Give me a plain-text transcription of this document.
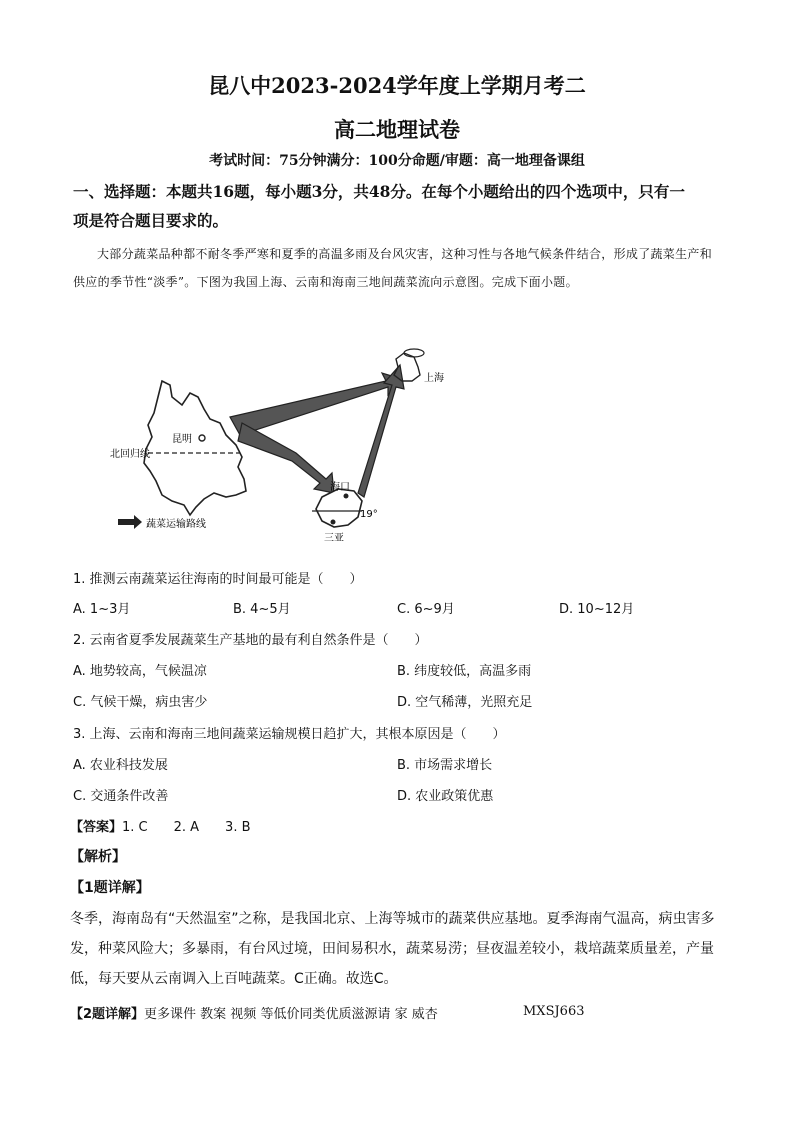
昆八中2023-2024学年度上学期月考二
高二地理试卷
考试时间：75分钟满分：100分命题/审题：高一地理备课组
一、选择题：本题共16题，每小题3分，共48分。在每个小题给出的四个选项中，只有一
项是符合题目要求的。
大部分蔬菜品种都不耐冬季严寒和夏季的高温多雨及台风灾害，这种习性与各地气候条件结合，形成了蔬菜生产和供应的季节性“淡季”。下图为我国上海、云南和海南三地间蔬菜流向示意图。完成下面小题。
昆明
北回归线
上海
海口
三亚
19°
蔬菜运输路线
1. 推测云南蔬菜运往海南的时间最可能是（　　）
A. 1~3月	B. 4~5月	C. 6~9月	D. 10~12月
2. 云南省夏季发展蔬菜生产基地的最有利自然条件是（　　）
A. 地势较高，气候温凉	B. 纬度较低，高温多雨
C. 气候干燥，病虫害少	D. 空气稀薄，光照充足
3. 上海、云南和海南三地间蔬菜运输规模日趋扩大，其根本原因是（　　）
A. 农业科技发展	B. 市场需求增长
C. 交通条件改善	D. 农业政策优惠
【答案】1. C　　2. A　　3. B
【解析】
【1题详解】
冬季，海南岛有“天然温室”之称，是我国北京、上海等城市的蔬菜供应基地。夏季海南气温高，病虫害多发，种菜风险大；多暴雨，有台风过境，田间易积水，蔬菜易涝；昼夜温差较小，栽培蔬菜质量差，产量低，每天要从云南调入上百吨蔬菜。C正确。故选C。
【2题详解】更多课件 教案 视频 等低价同类优质滋源请 家 威杏	MXSJ663
